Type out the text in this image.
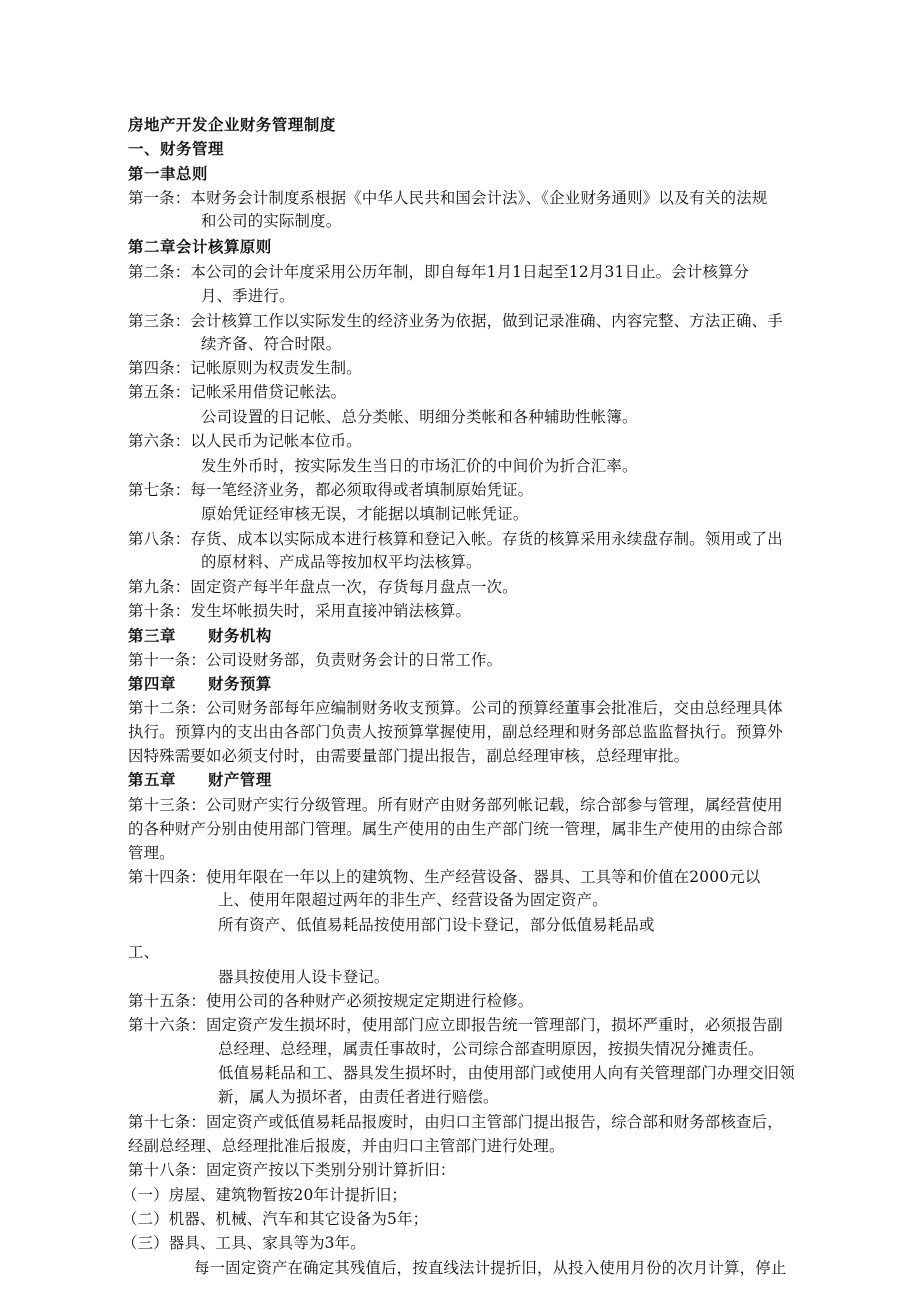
房地产开发企业财务管理制度
一、财务管理
第一聿总则
第一条：本财务会计制度系根据《中华人民共和国会计法》、《企业财务通则》以及有关的法规
和公司的实际制度。
第二章会计核算原则
第二条：本公司的会计年度采用公历年制，即自每年1月1日起至12月31日止。会计核算分
月、季进行。
第三条：会计核算工作以实际发生的经济业务为依据，做到记录准确、内容完整、方法正确、手
续齐备、符合时限。
第四条：记帐原则为权责发生制。
第五条：记帐采用借贷记帐法。
公司设置的日记帐、总分类帐、明细分类帐和各种辅助性帐簿。
第六条：以人民币为记帐本位币。
发生外币时，按实际发生当日的市场汇价的中间价为折合汇率。
第七条：每一笔经济业务，都必须取得或者填制原始凭证。
原始凭证经审核无误，才能据以填制记帐凭证。
第八条：存货、成本以实际成本进行核算和登记入帐。存货的核算采用永续盘存制。领用或了出
的原材料、产成品等按加权平均法核算。
第九条：固定资产每半年盘点一次，存货每月盘点一次。
第十条：发生坏帐损失时，采用直接冲销法核算。
第三章　　财务机构
第十一条：公司设财务部，负责财务会计的日常工作。
第四章　　财务预算
第十二条：公司财务部每年应编制财务收支预算。公司的预算经董事会批准后，交由总经理具体
执行。预算内的支出由各部门负责人按预算掌握使用，副总经理和财务部总监监督执行。预算外
因特殊需要如必须支付时，由需要量部门提出报告，副总经理审核，总经理审批。
第五章　　财产管理
第十三条：公司财产实行分级管理。所有财产由财务部列帐记载，综合部参与管理，属经营使用
的各种财产分别由使用部门管理。属生产使用的由生产部门统一管理，属非生产使用的由综合部
管理。
第十四条：使用年限在一年以上的建筑物、生产经营设备、器具、工具等和价值在2000元以
上、使用年限超过两年的非生产、经营设备为固定资产。
所有资产、低值易耗品按使用部门设卡登记，部分低值易耗品或
工、
器具按使用人设卡登记。
第十五条：使用公司的各种财产必须按规定定期进行检修。
第十六条：固定资产发生损坏时，使用部门应立即报告统一管理部门，损坏严重时，必须报告副
总经理、总经理，属责任事故时，公司综合部查明原因，按损失情况分摊责任。
低值易耗品和工、器具发生损坏时，由使用部门或使用人向有关管理部门办理交旧领
新，属人为损坏者，由责任者进行赔偿。
第十七条：固定资产或低值易耗品报废时，由归口主管部门提出报告，综合部和财务部核查后，
经副总经理、总经理批准后报废，并由归口主管部门进行处理。
第十八条：固定资产按以下类别分别计算折旧：
（一）房屋、建筑物暂按20年计提折旧；
（二）机器、机械、汽车和其它设备为5年；
（三）器具、工具、家具等为3年。
每一固定资产在确定其残值后，按直线法计提折旧，从投入使用月份的次月计算，停止
